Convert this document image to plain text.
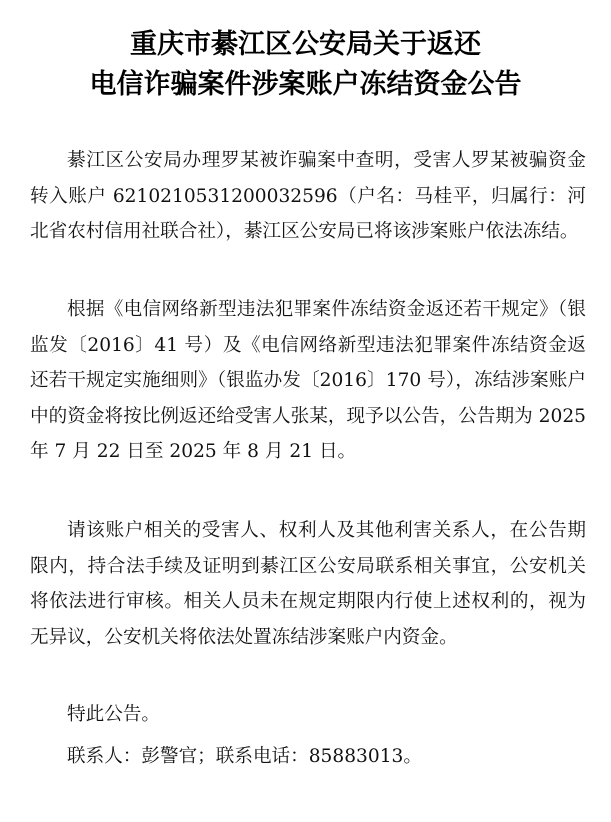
重庆市綦江区公安局关于返还
电信诈骗案件涉案账户冻结资金公告

綦江区公安局办理罗某被诈骗案中查明，受害人罗某被骗资金转入账户 6210210531200032596（户名：马桂平，归属行：河北省农村信用社联合社），綦江区公安局已将该涉案账户依法冻结。

根据《电信网络新型违法犯罪案件冻结资金返还若干规定》（银监发〔2016〕41 号）及《电信网络新型违法犯罪案件冻结资金返还若干规定实施细则》（银监办发〔2016〕170 号），冻结涉案账户中的资金将按比例返还给受害人张某，现予以公告，公告期为 2025 年 7 月 22 日至 2025 年 8 月 21 日。

请该账户相关的受害人、权利人及其他利害关系人，在公告期限内，持合法手续及证明到綦江区公安局联系相关事宜，公安机关将依法进行审核。相关人员未在规定期限内行使上述权利的，视为无异议，公安机关将依法处置冻结涉案账户内资金。

特此公告。

联系人：彭警官；联系电话：85883013。
